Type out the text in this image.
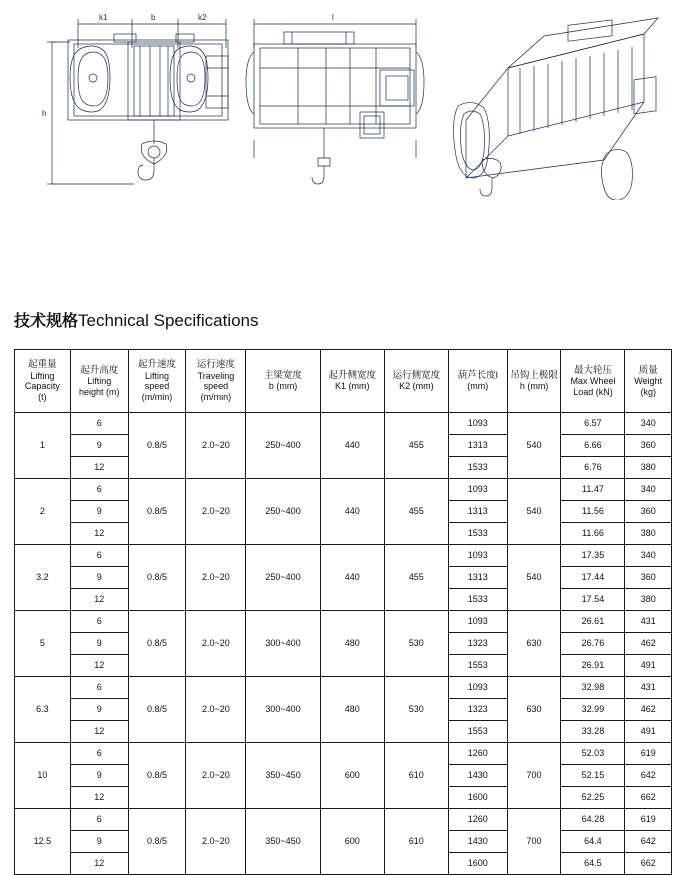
k1	b	k2
h
l
技术规格Technical Specifications
起重量
Lifting
Capacity
(t)	起升高度
Lifting
height (m)	起升速度
Lifting
speed
(m/min)	运行速度
Traveling
speed
(m/min)	主梁宽度
b (mm)	起升侧宽度
K1 (mm)	运行侧宽度
K2 (mm)	葫芦长度l
(mm)	吊钩上极限
h (mm)	最大轮压
Max Wheel
Load (kN)	质量
Weight
(kg)

1	6	0.8/5	2.0~20	250~400	440	455	1093	540	6.57	340
	9						1313		6.66	360
	12						1533		6.76	380
2	6	0.8/5	2.0~20	250~400	440	455	1093	540	11.47	340
	9						1313		11.56	360
	12						1533		11.66	380
3.2	6	0.8/5	2.0~20	250~400	440	455	1093	540	17.35	340
	9						1313		17.44	360
	12						1533		17.54	380
5	6	0.8/5	2.0~20	300~400	480	530	1093	630	26.61	431
	9						1323		26.76	462
	12						1553		26.91	491
6.3	6	0.8/5	2.0~20	300~400	480	530	1093	630	32.98	431
	9						1323		32.99	462
	12						1553		33.28	491
10	6	0.8/5	2.0~20	350~450	600	610	1260	700	52.03	619
	9						1430		52.15	642
	12						1600		52.25	662
12.5	6	0.8/5	2.0~20	350~450	600	610	1260	700	64.28	619
	9						1430		64.4	642
	12						1600		64.5	662
